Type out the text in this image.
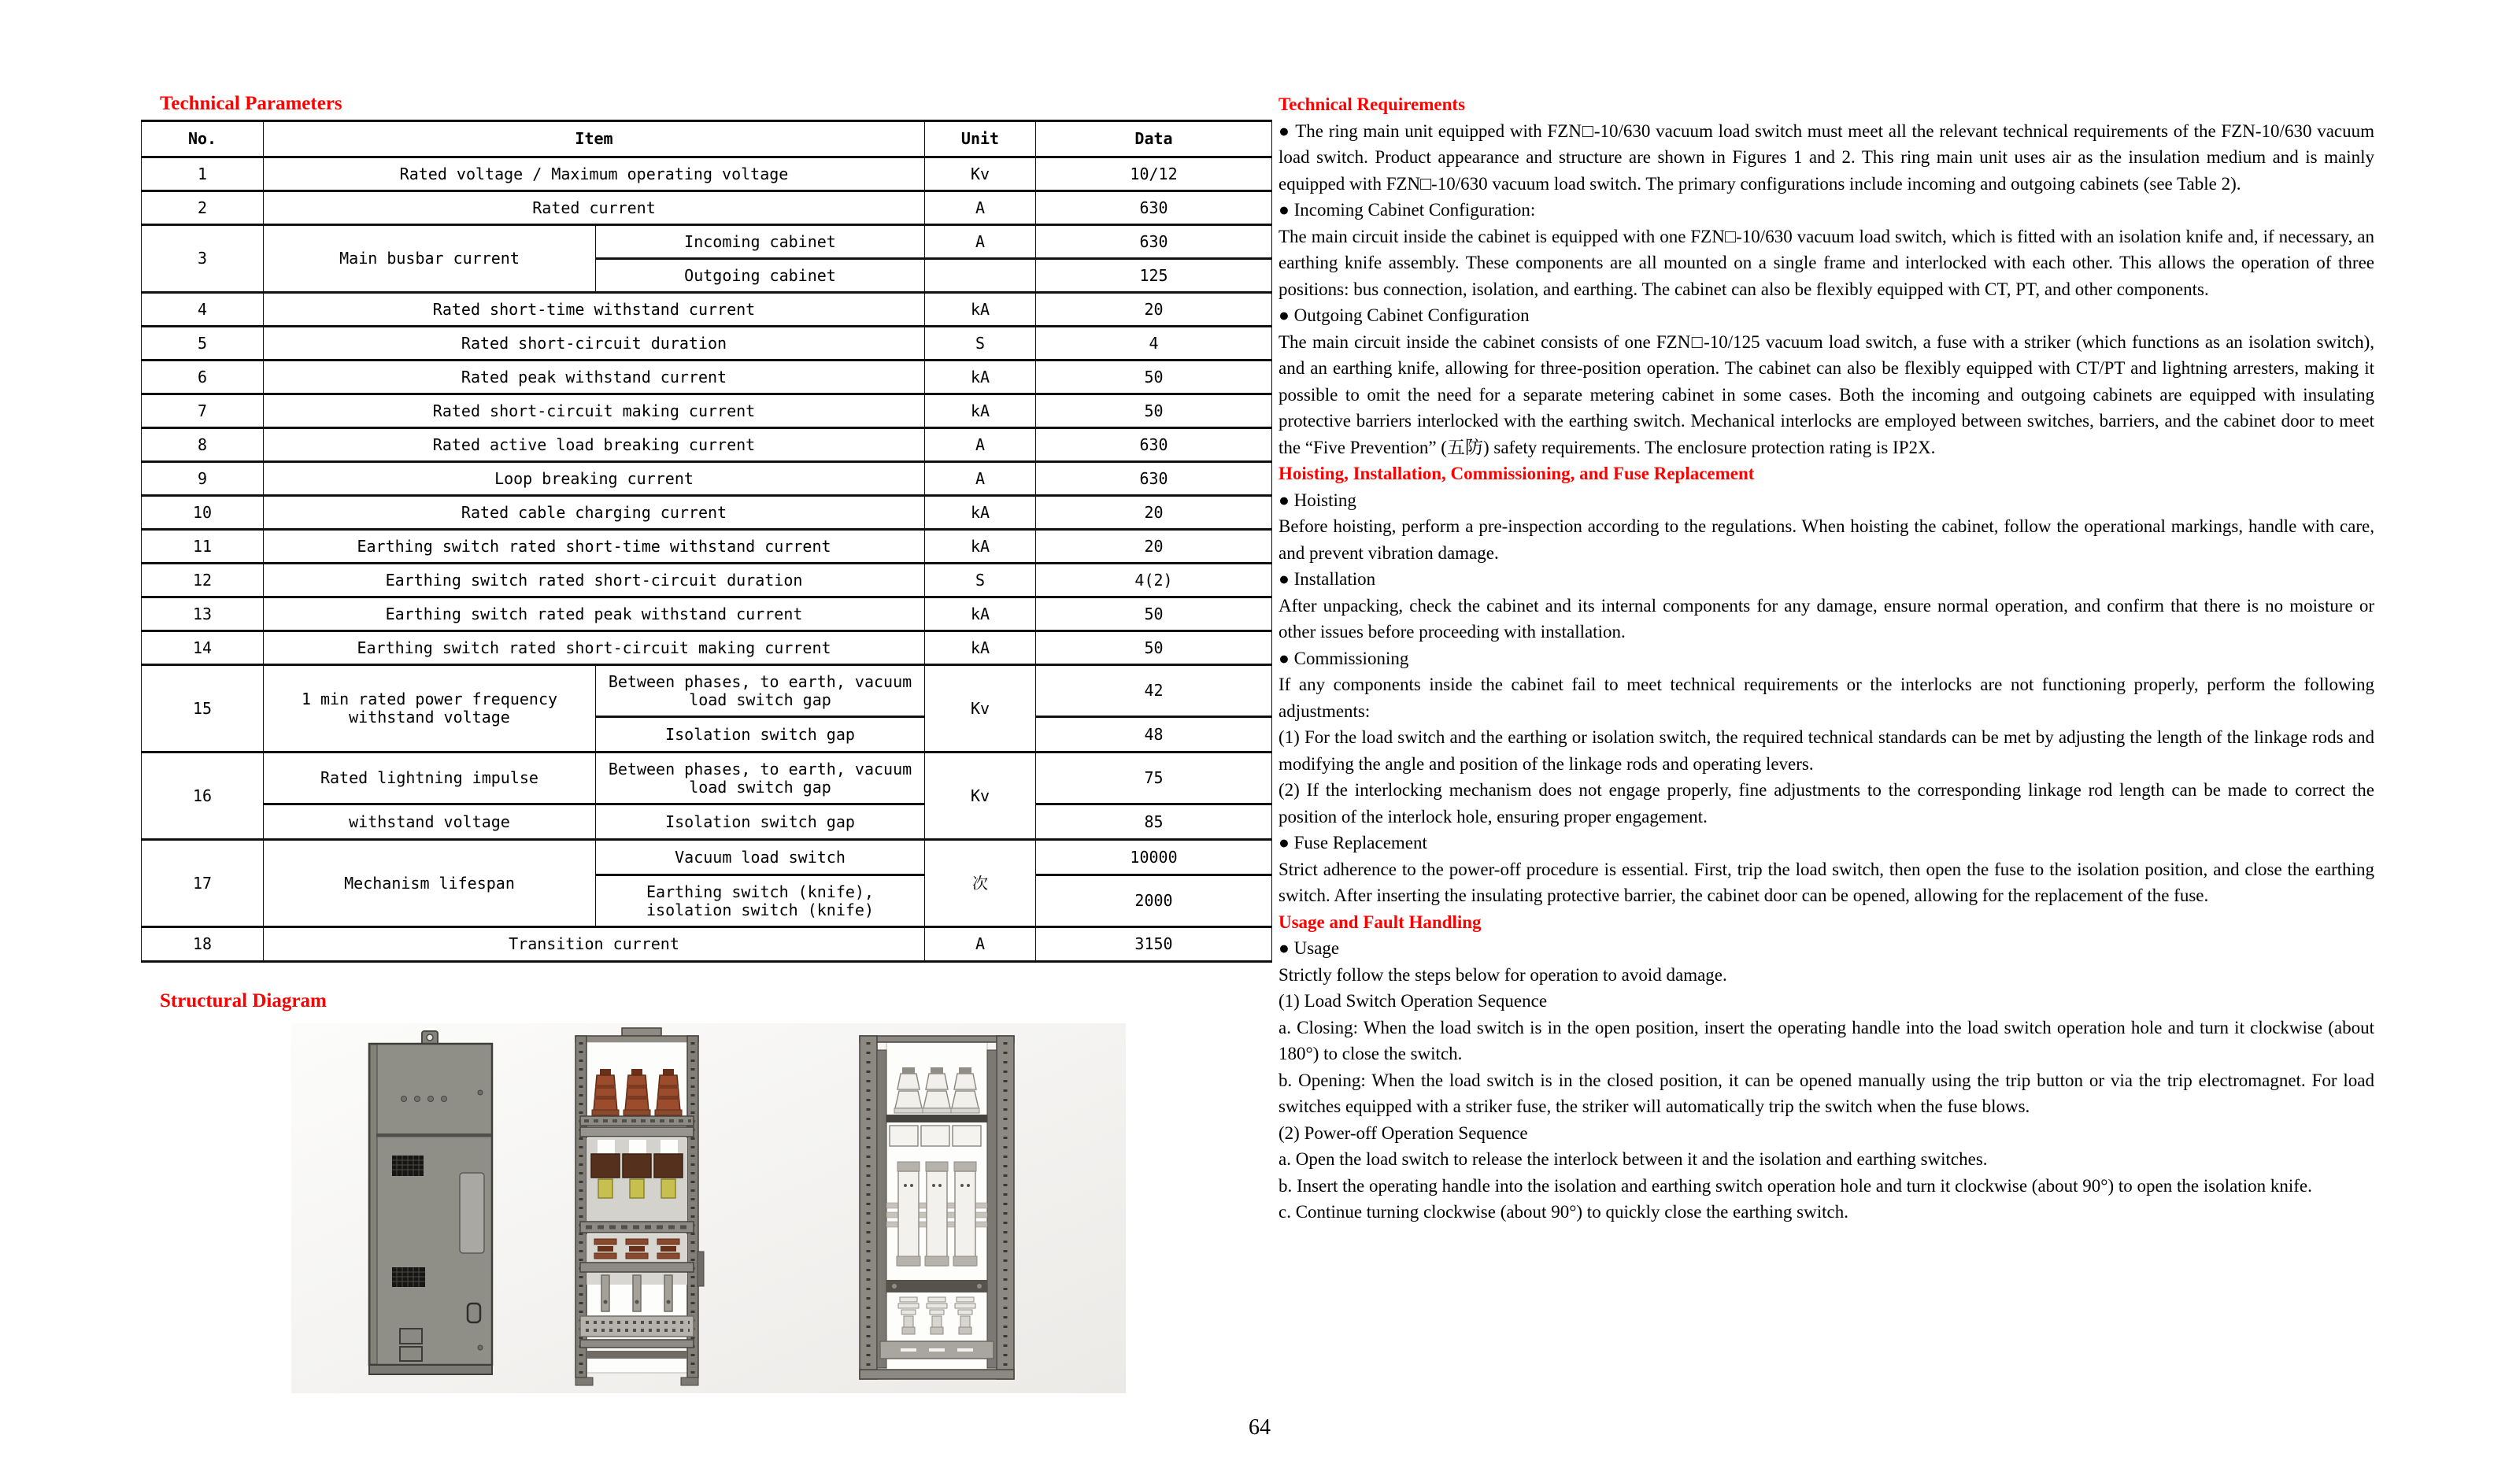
Technical Parameters
No.	Item		Unit	Data
1	Rated voltage / Maximum operating voltage		Kv	10/12
2	Rated current		A	630
3	Main busbar current	Incoming cabinet	A	630
		Outgoing cabinet		125
4	Rated short-time withstand current		kA	20
5	Rated short-circuit duration		S	4
6	Rated peak withstand current		kA	50
7	Rated short-circuit making current		kA	50
8	Rated active load breaking current		A	630
9	Loop breaking current		A	630
10	Rated cable charging current		kA	20
11	Earthing switch rated short-time withstand current		kA	20
12	Earthing switch rated short-circuit duration		S	4(2)
13	Earthing switch rated peak withstand current		kA	50
14	Earthing switch rated short-circuit making current		kA	50
15	1 min rated power frequency withstand voltage	Between phases, to earth, vacuum load switch gap	Kv	42
		Isolation switch gap		48
16	Rated lightning impulse	Between phases, to earth, vacuum load switch gap	Kv	75
	withstand voltage	Isolation switch gap		85
17	Mechanism lifespan	Vacuum load switch	次	10000
		Earthing switch (knife), isolation switch (knife)		2000
18	Transition current		A	3150
Structural Diagram

Technical Requirements

● The ring main unit equipped with FZN□-10/630 vacuum load switch must meet all the relevant technical requirements of the FZN-10/630 vacuum load switch. Product appearance and structure are shown in Figures 1 and 2. This ring main unit uses air as the insulation medium and is mainly equipped with FZN□-10/630 vacuum load switch. The primary configurations include incoming and outgoing cabinets (see Table 2).

● Incoming Cabinet Configuration:

The main circuit inside the cabinet is equipped with one FZN□-10/630 vacuum load switch, which is fitted with an isolation knife and, if necessary, an earthing knife assembly. These components are all mounted on a single frame and interlocked with each other. This allows the operation of three positions: bus connection, isolation, and earthing. The cabinet can also be flexibly equipped with CT, PT, and other components.

● Outgoing Cabinet Configuration

The main circuit inside the cabinet consists of one FZN□-10/125 vacuum load switch, a fuse with a striker (which functions as an isolation switch), and an earthing knife, allowing for three-position operation. The cabinet can also be flexibly equipped with CT/PT and lightning arresters, making it possible to omit the need for a separate metering cabinet in some cases. Both the incoming and outgoing cabinets are equipped with insulating protective barriers interlocked with the earthing switch. Mechanical interlocks are employed between switches, barriers, and the cabinet door to meet the “Five Prevention” (五防) safety requirements. The enclosure protection rating is IP2X.

Hoisting, Installation, Commissioning, and Fuse Replacement

● Hoisting

Before hoisting, perform a pre-inspection according to the regulations. When hoisting the cabinet, follow the operational markings, handle with care, and prevent vibration damage.

● Installation

After unpacking, check the cabinet and its internal components for any damage, ensure normal operation, and confirm that there is no moisture or other issues before proceeding with installation.

● Commissioning

If any components inside the cabinet fail to meet technical requirements or the interlocks are not functioning properly, perform the following adjustments:

(1) For the load switch and the earthing or isolation switch, the required technical standards can be met by adjusting the length of the linkage rods and modifying the angle and position of the linkage rods and operating levers.

(2) If the interlocking mechanism does not engage properly, fine adjustments to the corresponding linkage rod length can be made to correct the position of the interlock hole, ensuring proper engagement.

● Fuse Replacement

Strict adherence to the power-off procedure is essential. First, trip the load switch, then open the fuse to the isolation position, and close the earthing switch. After inserting the insulating protective barrier, the cabinet door can be opened, allowing for the replacement of the fuse.

Usage and Fault Handling

● Usage

Strictly follow the steps below for operation to avoid damage.

(1) Load Switch Operation Sequence

a. Closing: When the load switch is in the open position, insert the operating handle into the load switch operation hole and turn it clockwise (about 180°) to close the switch.

b. Opening: When the load switch is in the closed position, it can be opened manually using the trip button or via the trip electromagnet. For load switches equipped with a striker fuse, the striker will automatically trip the switch when the fuse blows.

(2) Power-off Operation Sequence

a. Open the load switch to release the interlock between it and the isolation and earthing switches.

b. Insert the operating handle into the isolation and earthing switch operation hole and turn it clockwise (about 90°) to open the isolation knife.

c. Continue turning clockwise (about 90°) to quickly close the earthing switch.

64
